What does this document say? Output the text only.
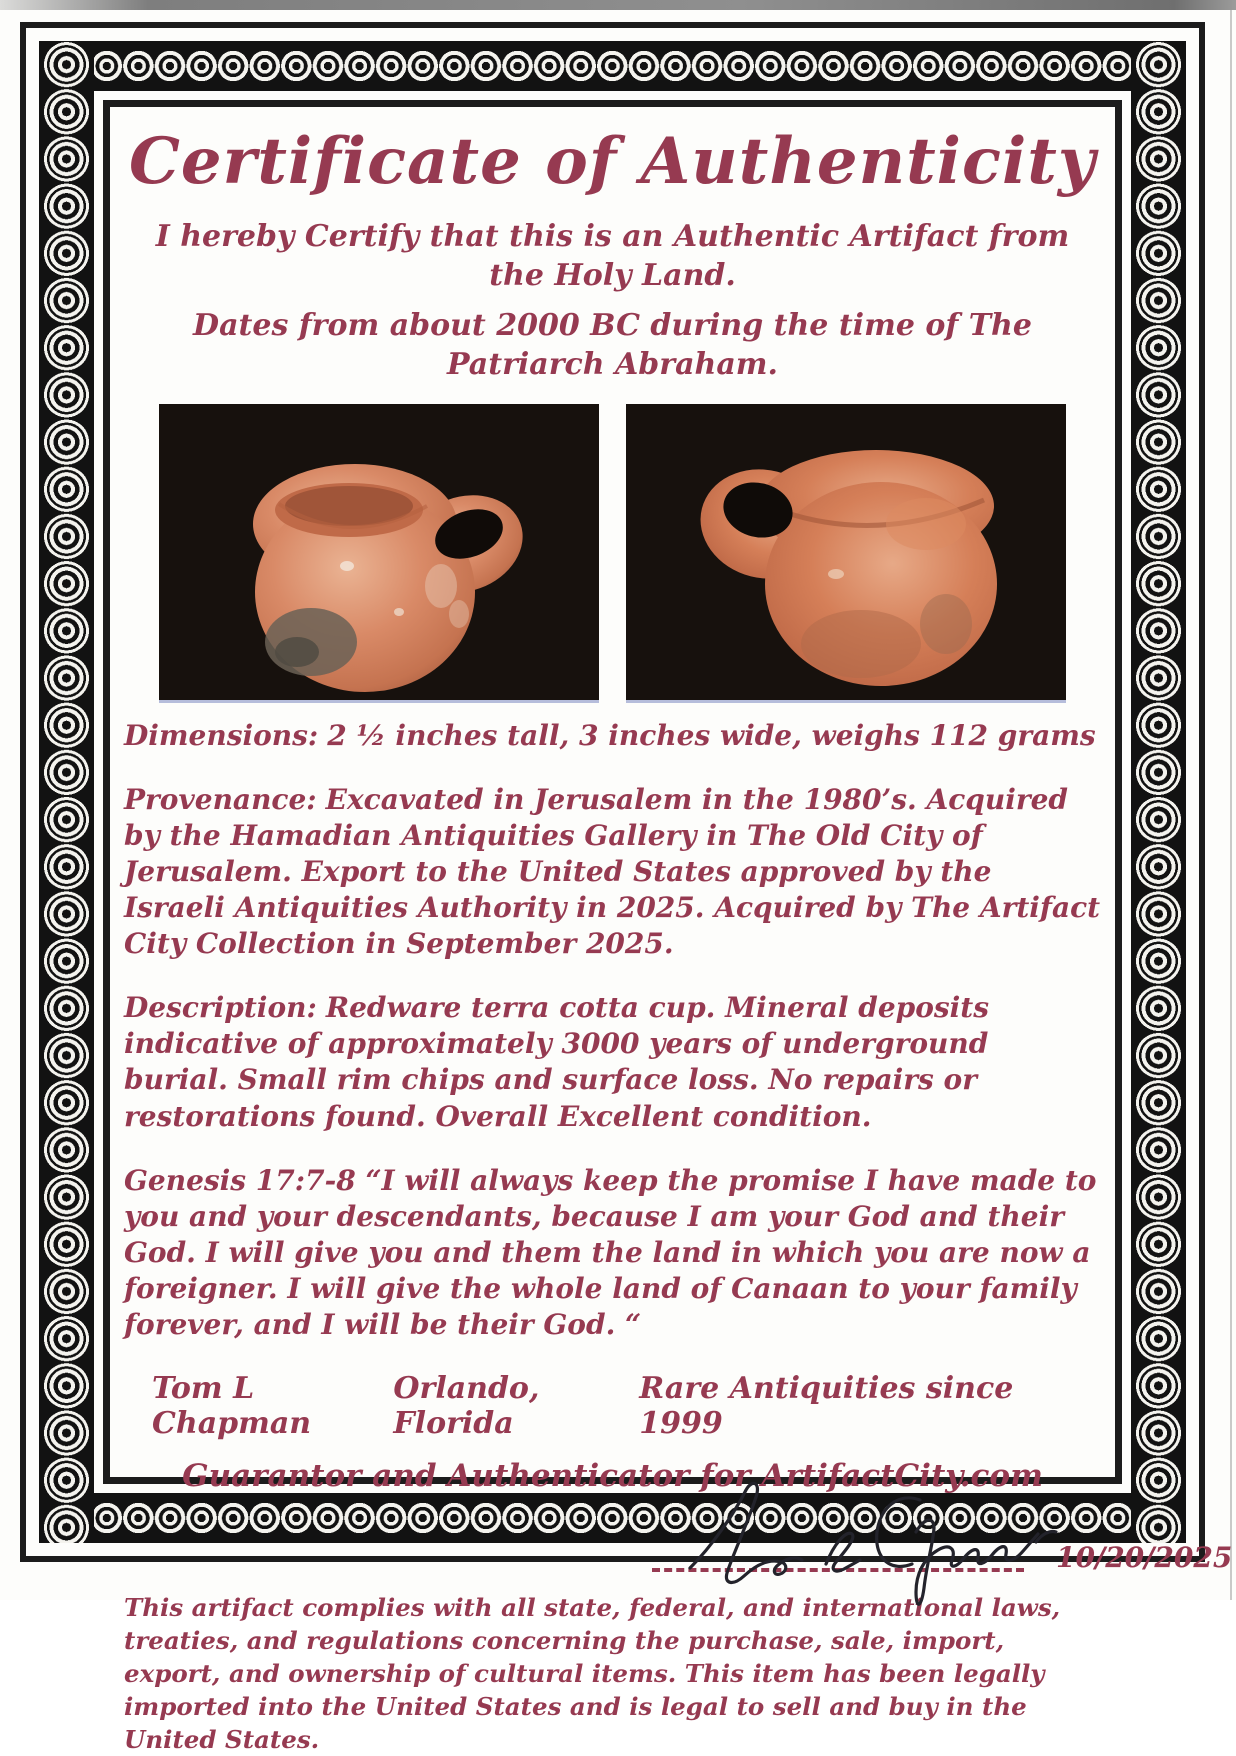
Certificate of Authenticity
I hereby Certify that this is an Authentic Artifact from the Holy Land.
Dates from about 2000 BC during the time of The Patriarch Abraham.

Dimensions: 2 ½ inches tall, 3 inches wide, weighs 112 grams

Provenance: Excavated in Jerusalem in the 1980’s. Acquired by the Hamadian Antiquities Gallery in The Old City of Jerusalem. Export to the United States approved by the Israeli Antiquities Authority in 2025. Acquired by The Artifact City Collection in September 2025.

Description: Redware terra cotta cup. Mineral deposits indicative of approximately 3000 years of underground burial. Small rim chips and surface loss. No repairs or restorations found. Overall Excellent condition.

Genesis 17:7-8 “I will always keep the promise I have made to you and your descendants, because I am your God and their God. I will give you and them the land in which you are now a foreigner. I will give the whole land of Canaan to your family forever, and I will be their God. “

Tom L Chapman
Orlando, Florida
Rare Antiquities since 1999
Guarantor and Authenticator for ArtifactCity.com
10/20/2025

This artifact complies with all state, federal, and international laws, treaties, and regulations concerning the purchase, sale, import, export, and ownership of cultural items. This item has been legally imported into the United States and is legal to sell and buy in the United States.
